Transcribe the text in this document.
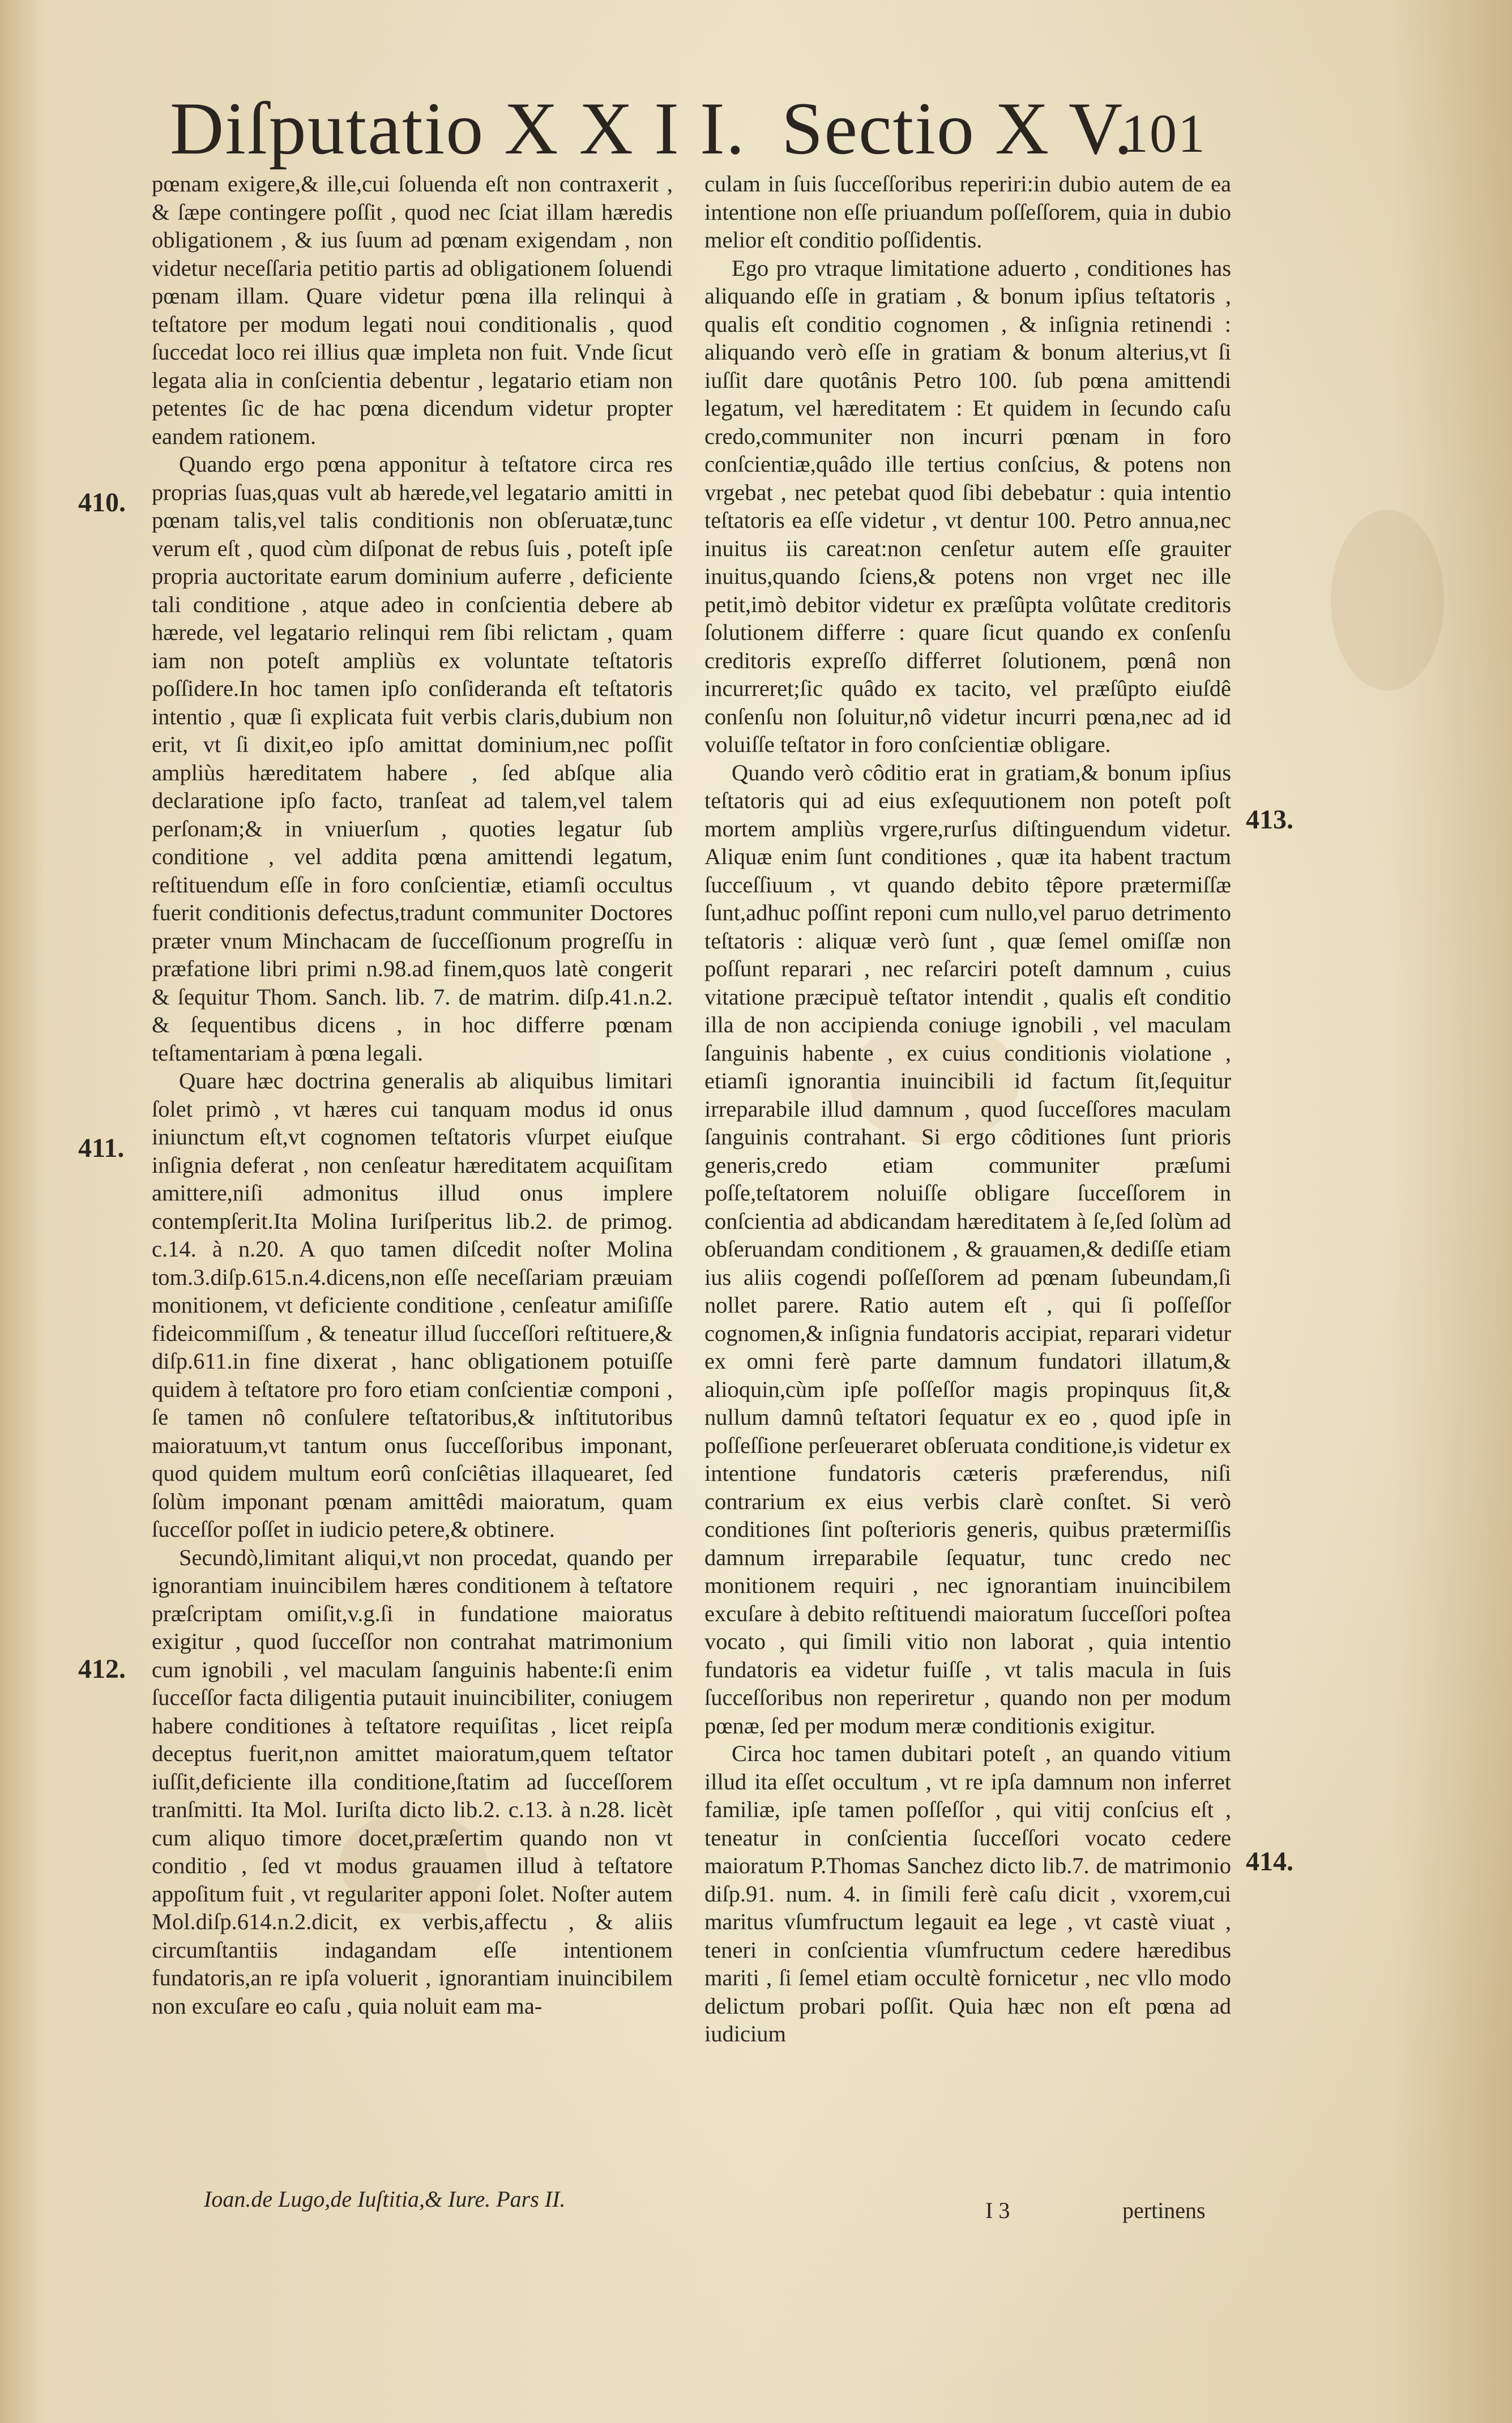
Diſputatio X X I I. Sectio X V.
101

pœnam exigere,& ille,cui ſoluenda eſt non contraxerit , & ſæpe contingere poſſit , quod nec ſciat illam hæredis obligationem , & ius ſuum ad pœnam exigendam , non videtur neceſſaria petitio partis ad obligationem ſoluendi pœnam illam. Quare videtur pœna illa relinqui à teſtatore per modum legati noui conditionalis , quod ſuccedat loco rei illius quæ impleta non fuit. Vnde ſicut legata alia in conſcientia debentur , legatario etiam non petentes ſic de hac pœna dicendum videtur propter eandem rationem.

Quando ergo pœna apponitur à teſtatore circa res proprias ſuas,quas vult ab hærede,vel legatario amitti in pœnam talis,vel talis conditionis non obſeruatæ,tunc verum eſt , quod cùm diſponat de rebus ſuis , poteſt ipſe propria auctoritate earum dominium auferre , deficiente tali conditione , atque adeo in conſcientia debere ab hærede, vel legatario relinqui rem ſibi relictam , quam iam non poteſt ampliùs ex voluntate teſtatoris poſſidere.In hoc tamen ipſo conſideranda eſt teſtatoris intentio , quæ ſi explicata fuit verbis claris,dubium non erit, vt ſi dixit,eo ipſo amittat dominium,nec poſſit ampliùs hæreditatem habere , ſed abſque alia declaratione ipſo facto, tranſeat ad talem,vel talem perſonam;& in vniuerſum , quoties legatur ſub conditione , vel addita pœna amittendi legatum, reſtituendum eſſe in foro conſcientiæ, etiamſi occultus fuerit conditionis defectus,tradunt communiter Doctores præter vnum Minchacam de ſucceſſionum progreſſu in præfatione libri primi n.98.ad finem,quos latè congerit & ſequitur Thom. Sanch. lib. 7. de matrim. diſp.41.n.2. & ſequentibus dicens , in hoc differre pœnam teſtamentariam à pœna legali.

Quare hæc doctrina generalis ab aliquibus limitari ſolet primò , vt hæres cui tanquam modus id onus iniunctum eſt,vt cognomen teſtatoris vſurpet eiuſque inſignia deferat , non cenſeatur hæreditatem acquiſitam amittere,niſi admonitus illud onus implere contempſerit.Ita Molina Iuriſperitus lib.2. de primog. c.14. à n.20. A quo tamen diſcedit noſter Molina tom.3.diſp.615.n.4.dicens,non eſſe neceſſariam præuiam monitionem, vt deficiente conditione , cenſeatur amiſiſſe fideicommiſſum , & teneatur illud ſucceſſori reſtituere,& diſp.611.in fine dixerat , hanc obligationem potuiſſe quidem à teſtatore pro foro etiam conſcientiæ componi , ſe tamen nô conſulere teſtatoribus,& inſtitutoribus maioratuum,vt tantum onus ſucceſſoribus imponant, quod quidem multum eorû conſciêtias illaquearet, ſed ſolùm imponant pœnam amittêdi maioratum, quam ſucceſſor poſſet in iudicio petere,& obtinere.

Secundò,limitant aliqui,vt non procedat, quando per ignorantiam inuincibilem hæres conditionem à teſtatore præſcriptam omiſit,v.g.ſi in fundatione maioratus exigitur , quod ſucceſſor non contrahat matrimonium cum ignobili , vel maculam ſanguinis habente:ſi enim ſucceſſor facta diligentia putauit inuincibiliter, coniugem habere conditiones à teſtatore requiſitas , licet reipſa deceptus fuerit,non amittet maioratum,quem teſtator iuſſit,deficiente illa conditione,ſtatim ad ſucceſſorem tranſmitti. Ita Mol. Iuriſta dicto lib.2. c.13. à n.28. licèt cum aliquo timore docet,præſertim quando non vt conditio , ſed vt modus grauamen illud à teſtatore appoſitum fuit , vt regulariter apponi ſolet. Noſter autem Mol.diſp.614.n.2.dicit, ex verbis,affectu , & aliis circumſtantiis indagandam eſſe intentionem fundatoris,an re ipſa voluerit , ignorantiam inuincibilem non excuſare eo caſu , quia noluit eam ma-

culam in ſuis ſucceſſoribus reperiri:in dubio autem de ea intentione non eſſe priuandum poſſeſſorem, quia in dubio melior eſt conditio poſſidentis.

Ego pro vtraque limitatione aduerto , conditiones has aliquando eſſe in gratiam , & bonum ipſius teſtatoris , qualis eſt conditio cognomen , & inſignia retinendi : aliquando verò eſſe in gratiam & bonum alterius,vt ſi iuſſit dare quotânis Petro 100. ſub pœna amittendi legatum, vel hæreditatem : Et quidem in ſecundo caſu credo,communiter non incurri pœnam in foro conſcientiæ,quâdo ille tertius conſcius, & potens non vrgebat , nec petebat quod ſibi debebatur : quia intentio teſtatoris ea eſſe videtur , vt dentur 100. Petro annua,nec inuitus iis careat:non cenſetur autem eſſe grauiter inuitus,quando ſciens,& potens non vrget nec ille petit,imò debitor videtur ex præſûpta volûtate creditoris ſolutionem differre : quare ſicut quando ex conſenſu creditoris expreſſo differret ſolutionem, pœnâ non incurreret;ſic quâdo ex tacito, vel præſûpto eiuſdê conſenſu non ſoluitur,nô videtur incurri pœna,nec ad id voluiſſe teſtator in foro conſcientiæ obligare.

Quando verò côditio erat in gratiam,& bonum ipſius teſtatoris qui ad eius exſequutionem non poteſt poſt mortem ampliùs vrgere,rurſus diſtinguendum videtur. Aliquæ enim ſunt conditiones , quæ ita habent tractum ſucceſſiuum , vt quando debito têpore prætermiſſæ ſunt,adhuc poſſint reponi cum nullo,vel paruo detrimento teſtatoris : aliquæ verò ſunt , quæ ſemel omiſſæ non poſſunt reparari , nec reſarciri poteſt damnum , cuius vitatione præcipuè teſtator intendit , qualis eſt conditio illa de non accipienda coniuge ignobili , vel maculam ſanguinis habente , ex cuius conditionis violatione , etiamſi ignorantia inuincibili id factum ſit,ſequitur irreparabile illud damnum , quod ſucceſſores maculam ſanguinis contrahant. Si ergo côditiones ſunt prioris generis,credo etiam communiter præſumi poſſe,teſtatorem noluiſſe obligare ſucceſſorem in conſcientia ad abdicandam hæreditatem à ſe,ſed ſolùm ad obſeruandam conditionem , & grauamen,& dediſſe etiam ius aliis cogendi poſſeſſorem ad pœnam ſubeundam,ſi nollet parere. Ratio autem eſt , qui ſi poſſeſſor cognomen,& inſignia fundatoris accipiat, reparari videtur ex omni ferè parte damnum fundatori illatum,& alioquin,cùm ipſe poſſeſſor magis propinquus ſit,& nullum damnû teſtatori ſequatur ex eo , quod ipſe in poſſeſſione perſeueraret obſeruata conditione,is videtur ex intentione fundatoris cæteris præferendus, niſi contrarium ex eius verbis clarè conſtet. Si verò conditiones ſint poſterioris generis, quibus prætermiſſis damnum irreparabile ſequatur, tunc credo nec monitionem requiri , nec ignorantiam inuincibilem excuſare à debito reſtituendi maioratum ſucceſſori poſtea vocato , qui ſimili vitio non laborat , quia intentio fundatoris ea videtur fuiſſe , vt talis macula in ſuis ſucceſſoribus non reperiretur , quando non per modum pœnæ, ſed per modum meræ conditionis exigitur.

Circa hoc tamen dubitari poteſt , an quando vitium illud ita eſſet occultum , vt re ipſa damnum non inferret familiæ, ipſe tamen poſſeſſor , qui vitij conſcius eſt , teneatur in conſcientia ſucceſſori vocato cedere maioratum P.Thomas Sanchez dicto lib.7. de matrimonio diſp.91. num. 4. in ſimili ferè caſu dicit , vxorem,cui maritus vſumfructum legauit ea lege , vt castè viuat , teneri in conſcientia vſumfructum cedere hæredibus mariti , ſi ſemel etiam occultè fornicetur , nec vllo modo delictum probari poſſit. Quia hæc non eſt pœna ad iudicium

410.
411.
412.
413.
414.
Ioan.de Lugo,de Iuſtitia,& Iure. Pars II.	I 3	pertinens
